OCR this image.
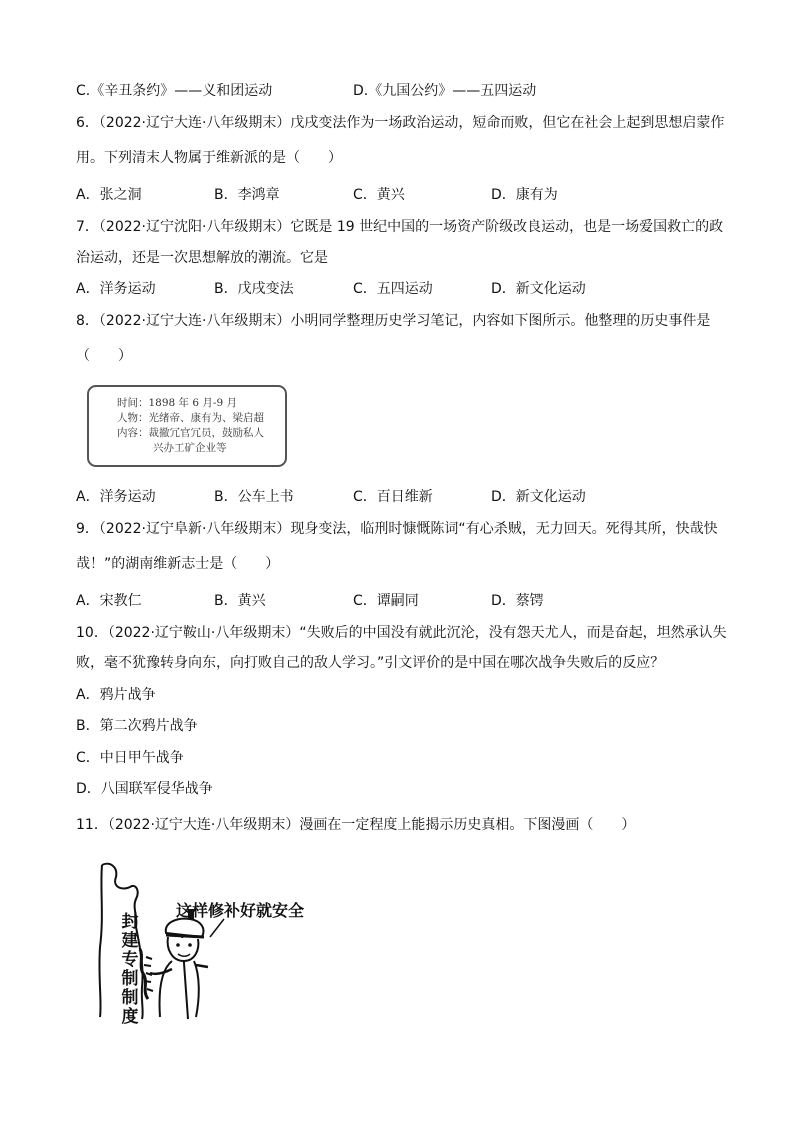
C.《辛丑条约》——义和团运动	D.《九国公约》——五四运动
6．（2022·辽宁大连·八年级期末）戊戌变法作为一场政治运动，短命而败，但它在社会上起到思想启蒙作
用。下列清末人物属于维新派的是（　　）
A．张之洞	B．李鸿章	C．黄兴	D．康有为
7．（2022·辽宁沈阳·八年级期末）它既是 19 世纪中国的一场资产阶级改良运动，也是一场爱国救亡的政
治运动，还是一次思想解放的潮流。它是
A．洋务运动	B．戊戌变法	C．五四运动	D．新文化运动
8．（2022·辽宁大连·八年级期末）小明同学整理历史学习笔记，内容如下图所示。他整理的历史事件是
（　　）
时间：1898 年 6 月-9 月
人物：光绪帝、康有为、梁启超
内容：裁撤冗官冗员，鼓励私人
兴办工矿企业等
A．洋务运动	B．公车上书	C．百日维新	D．新文化运动
9．（2022·辽宁阜新·八年级期末）现身变法，临刑时慷慨陈词“有心杀贼，无力回天。死得其所，快哉快
哉！”的湖南维新志士是（　　）
A．宋教仁	B．黄兴	C．谭嗣同	D．蔡锷
10．（2022·辽宁鞍山·八年级期末）“失败后的中国没有就此沉沦，没有怨天尤人，而是奋起，坦然承认失
败，毫不犹豫转身向东，向打败自己的敌人学习。”引文评价的是中国在哪次战争失败后的反应？
A．鸦片战争
B．第二次鸦片战争
C．中日甲午战争
D．八国联军侵华战争
11．（2022·辽宁大连·八年级期末）漫画在一定程度上能揭示历史真相。下图漫画（　　）
这样修补好就安全
封建专制制度
